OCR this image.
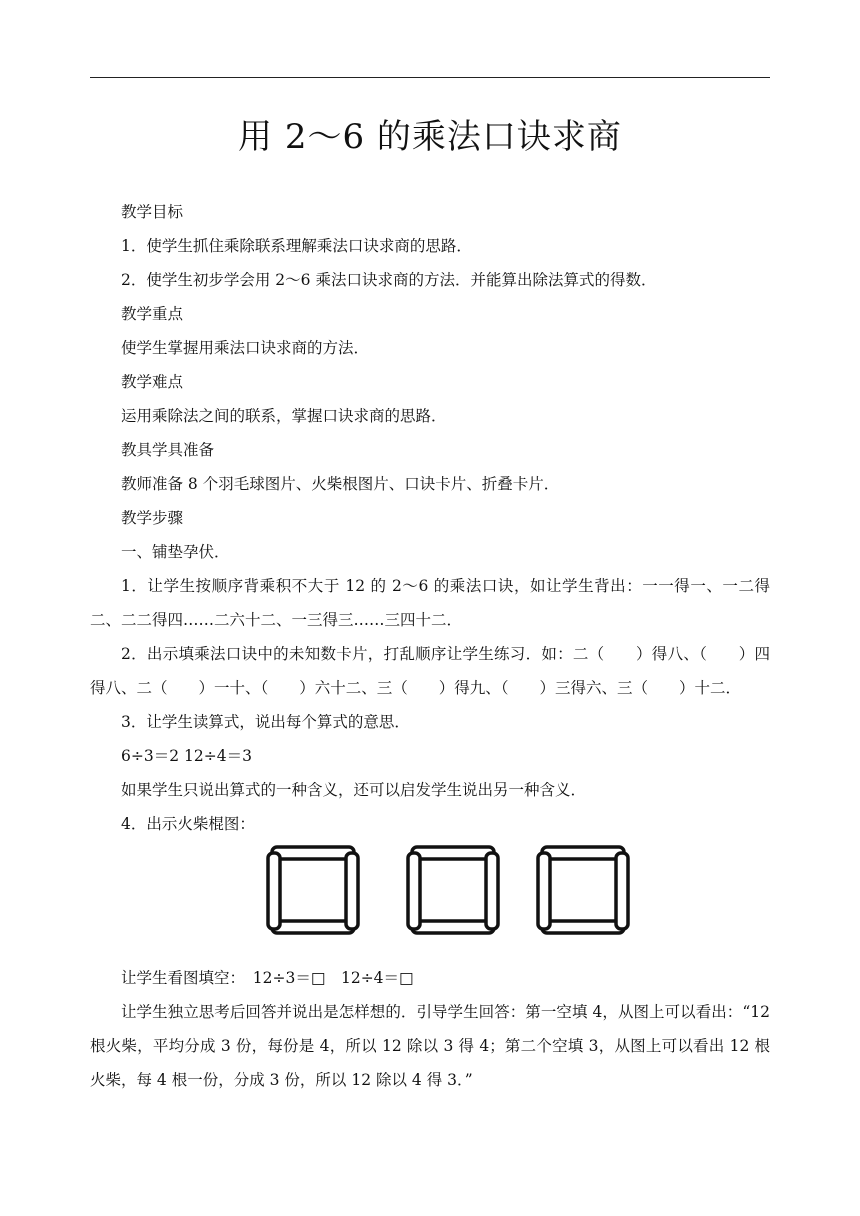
用 2～6 的乘法口诀求商

教学目标

1．使学生抓住乘除联系理解乘法口诀求商的思路．

2．使学生初步学会用 2～6 乘法口诀求商的方法．并能算出除法算式的得数．

教学重点

使学生掌握用乘法口诀求商的方法．

教学难点

运用乘除法之间的联系，掌握口诀求商的思路．

教具学具准备

教师准备 8 个羽毛球图片、火柴根图片、口诀卡片、折叠卡片．

教学步骤

一、铺垫孕伏．

1．让学生按顺序背乘积不大于 12 的 2～6 的乘法口诀，如让学生背出：一一得一、一二得二、二二得四……二六十二、一三得三……三四十二．

2．出示填乘法口诀中的未知数卡片，打乱顺序让学生练习．如：二（　　）得八、（　　）四得八、二（　　）一十、（　　）六十二、三（　　）得九、（　　）三得六、三（　　）十二．

3．让学生读算式，说出每个算式的意思．

6÷3＝2 12÷4＝3

如果学生只说出算式的一种含义，还可以启发学生说出另一种含义．

4．出示火柴棍图：

让学生看图填空：　12÷3＝□　12÷4＝□

让学生独立思考后回答并说出是怎样想的．引导学生回答：第一空填 4，从图上可以看出：“12 根火柴，平均分成 3 份，每份是 4，所以 12 除以 3 得 4；第二个空填 3，从图上可以看出 12 根火柴，每 4 根一份，分成 3 份，所以 12 除以 4 得 3．”
